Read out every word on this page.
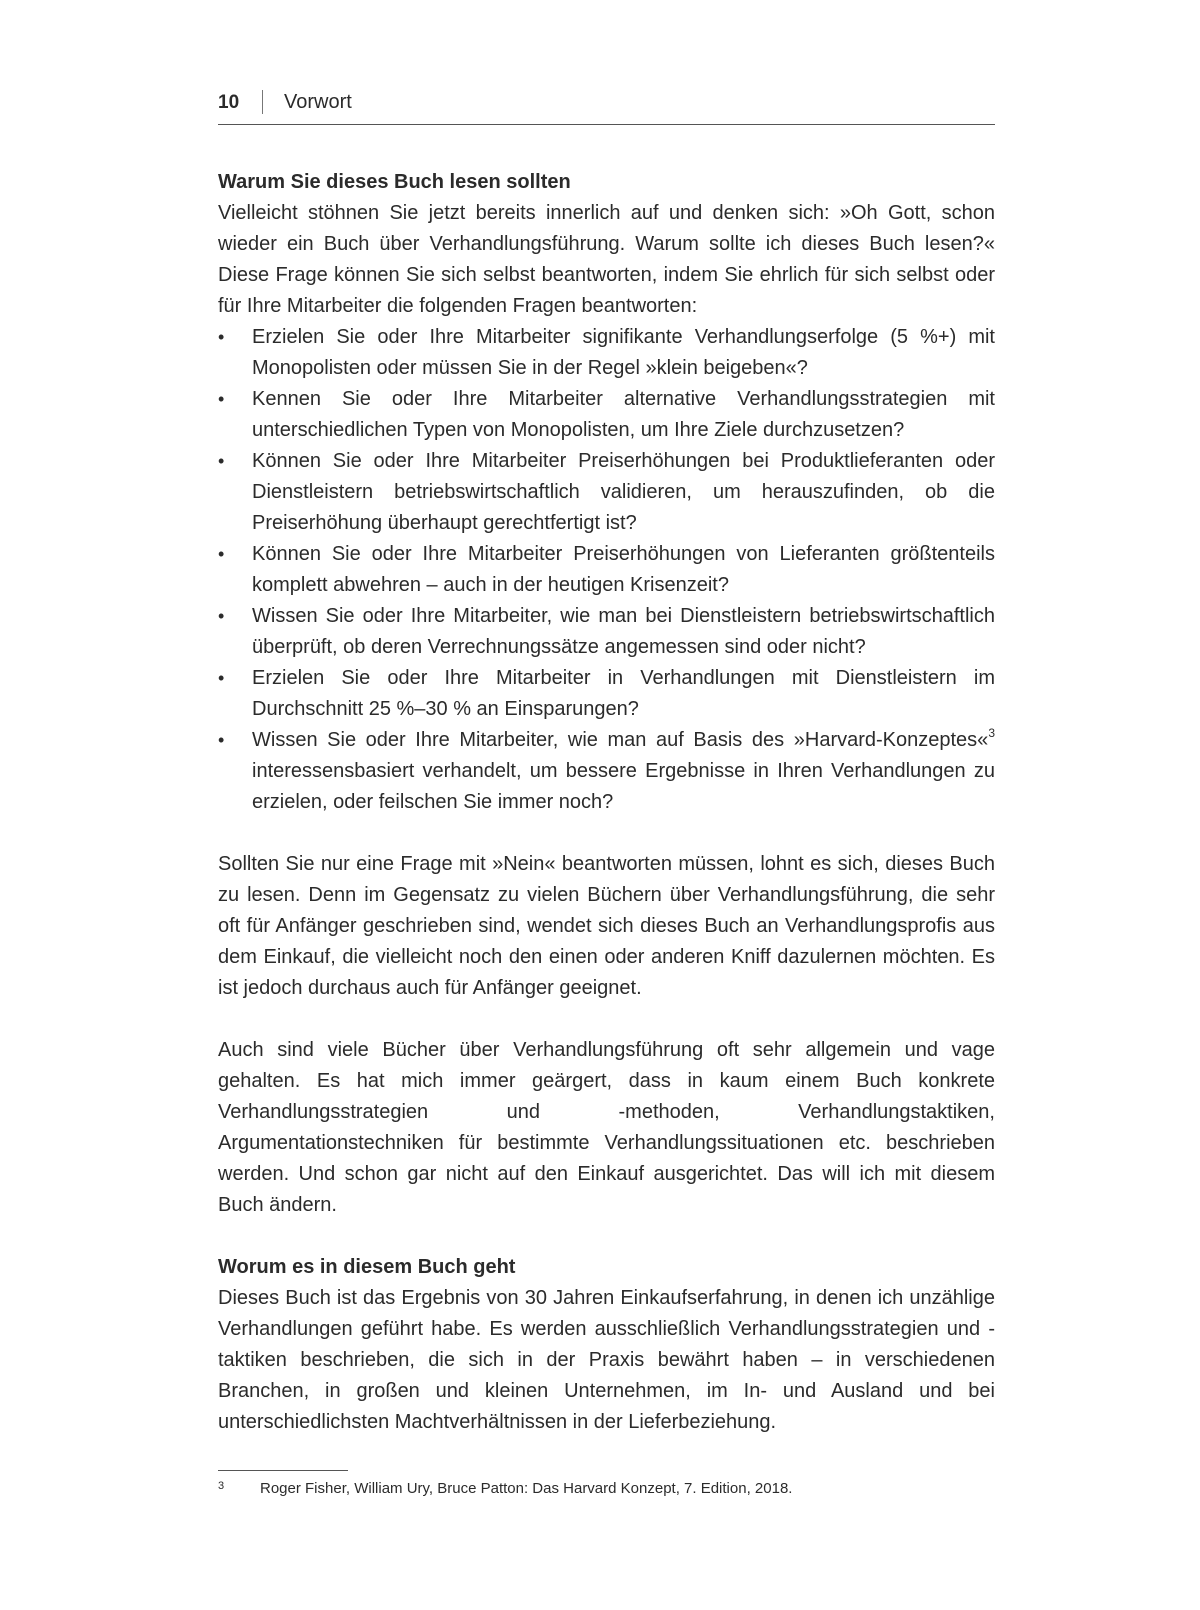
10 Vorwort

Warum Sie dieses Buch lesen sollten

Vielleicht stöhnen Sie jetzt bereits innerlich auf und denken sich: »Oh Gott, schon wieder ein Buch über Verhandlungsführung. Warum sollte ich dieses Buch lesen?« Diese Frage können Sie sich selbst beantworten, indem Sie ehrlich für sich selbst oder für Ihre Mitarbeiter die folgenden Fragen beantworten:

• Erzielen Sie oder Ihre Mitarbeiter signifikante Verhandlungserfolge (5 %+) mit Monopolisten oder müssen Sie in der Regel »klein beigeben«?
• Kennen Sie oder Ihre Mitarbeiter alternative Verhandlungsstrategien mit unterschiedlichen Typen von Monopolisten, um Ihre Ziele durchzusetzen?
• Können Sie oder Ihre Mitarbeiter Preiserhöhungen bei Produktlieferanten oder Dienstleistern betriebswirtschaftlich validieren, um herauszufinden, ob die Preiserhöhung überhaupt gerechtfertigt ist?
• Können Sie oder Ihre Mitarbeiter Preiserhöhungen von Lieferanten größtenteils komplett abwehren – auch in der heutigen Krisenzeit?
• Wissen Sie oder Ihre Mitarbeiter, wie man bei Dienstleistern betriebswirtschaftlich überprüft, ob deren Verrechnungssätze angemessen sind oder nicht?
• Erzielen Sie oder Ihre Mitarbeiter in Verhandlungen mit Dienstleistern im Durchschnitt 25 %–30 % an Einsparungen?
• Wissen Sie oder Ihre Mitarbeiter, wie man auf Basis des »Harvard-Konzeptes«$^3$ interessensbasiert verhandelt, um bessere Ergebnisse in Ihren Verhandlungen zu erzielen, oder feilschen Sie immer noch?

Sollten Sie nur eine Frage mit »Nein« beantworten müssen, lohnt es sich, dieses Buch zu lesen. Denn im Gegensatz zu vielen Büchern über Verhandlungsführung, die sehr oft für Anfänger geschrieben sind, wendet sich dieses Buch an Verhandlungsprofis aus dem Einkauf, die vielleicht noch den einen oder anderen Kniff dazulernen möchten. Es ist jedoch durchaus auch für Anfänger geeignet.

Auch sind viele Bücher über Verhandlungsführung oft sehr allgemein und vage gehalten. Es hat mich immer geärgert, dass in kaum einem Buch konkrete Verhandlungsstrategien und -methoden, Verhandlungstaktiken, Argumentationstechniken für bestimmte Verhandlungssituationen etc. beschrieben werden. Und schon gar nicht auf den Einkauf ausgerichtet. Das will ich mit diesem Buch ändern.

Worum es in diesem Buch geht

Dieses Buch ist das Ergebnis von 30 Jahren Einkaufserfahrung, in denen ich unzählige Verhandlungen geführt habe. Es werden ausschließlich Verhandlungsstrategien und -taktiken beschrieben, die sich in der Praxis bewährt haben – in verschiedenen Branchen, in großen und kleinen Unternehmen, im In- und Ausland und bei unterschiedlichsten Machtverhältnissen in der Lieferbeziehung.

3 Roger Fisher, William Ury, Bruce Patton: Das Harvard Konzept, 7. Edition, 2018.
